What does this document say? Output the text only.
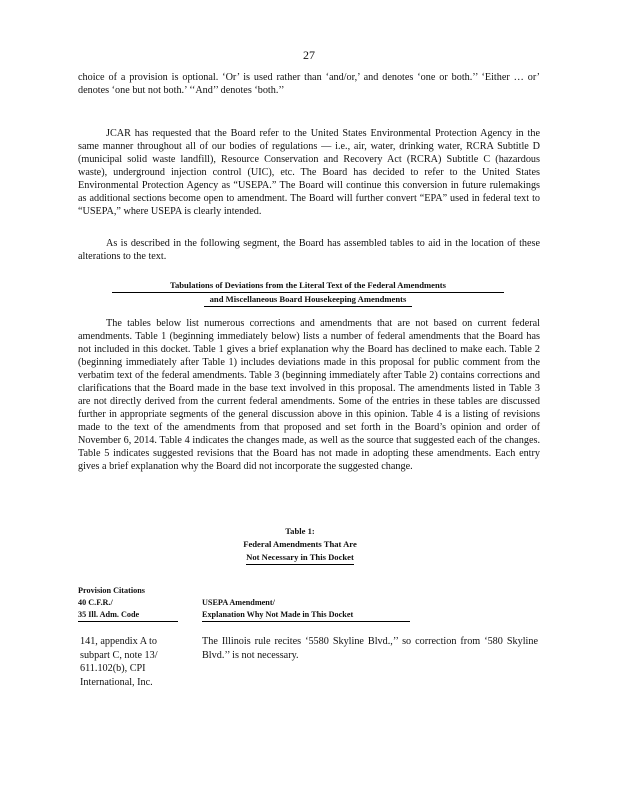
27

choice of a provision is optional. ‘Or’ is used rather than ‘and/or,’ and denotes ‘one or both.’’ ‘Either … or’ denotes ‘one but not both.’ ‘‘And’’ denotes ‘both.’’

JCAR has requested that the Board refer to the United States Environmental Protection Agency in the same manner throughout all of our bodies of regulations — i.e., air, water, drinking water, RCRA Subtitle D (municipal solid waste landfill), Resource Conservation and Recovery Act (RCRA) Subtitle C (hazardous waste), underground injection control (UIC), etc. The Board has decided to refer to the United States Environmental Protection Agency as “USEPA.” The Board will continue this conversion in future rulemakings as additional sections become open to amendment. The Board will further convert “EPA” used in federal text to “USEPA,” where USEPA is clearly intended.

As is described in the following segment, the Board has assembled tables to aid in the location of these alterations to the text.

Tabulations of Deviations from the Literal Text of the Federal Amendments
and Miscellaneous Board Housekeeping Amendments

The tables below list numerous corrections and amendments that are not based on current federal amendments. Table 1 (beginning immediately below) lists a number of federal amendments that the Board has not included in this docket. Table 1 gives a brief explanation why the Board has declined to make each. Table 2 (beginning immediately after Table 1) includes deviations made in this proposal for public comment from the verbatim text of the federal amendments. Table 3 (beginning immediately after Table 2) contains corrections and clarifications that the Board made in the base text involved in this proposal. The amendments listed in Table 3 are not directly derived from the current federal amendments. Some of the entries in these tables are discussed further in appropriate segments of the general discussion above in this opinion. Table 4 is a listing of revisions made to the text of the amendments from that proposed and set forth in the Board’s opinion and order of November 6, 2014. Table 4 indicates the changes made, as well as the source that suggested each of the changes. Table 5 indicates suggested revisions that the Board has not made in adopting these amendments. Each entry gives a brief explanation why the Board did not incorporate the suggested change.

Table 1:
Federal Amendments That Are
Not Necessary in This Docket
Provision Citations
40 C.F.R./
35 Ill. Adm. Code
USEPA Amendment/
Explanation Why Not Made in This Docket
141, appendix A to subpart C, note 13/ 611.102(b), CPI International, Inc.
The Illinois rule recites ‘5580 Skyline Blvd.,’’ so correction from ‘580 Skyline Blvd.’’ is not necessary.
